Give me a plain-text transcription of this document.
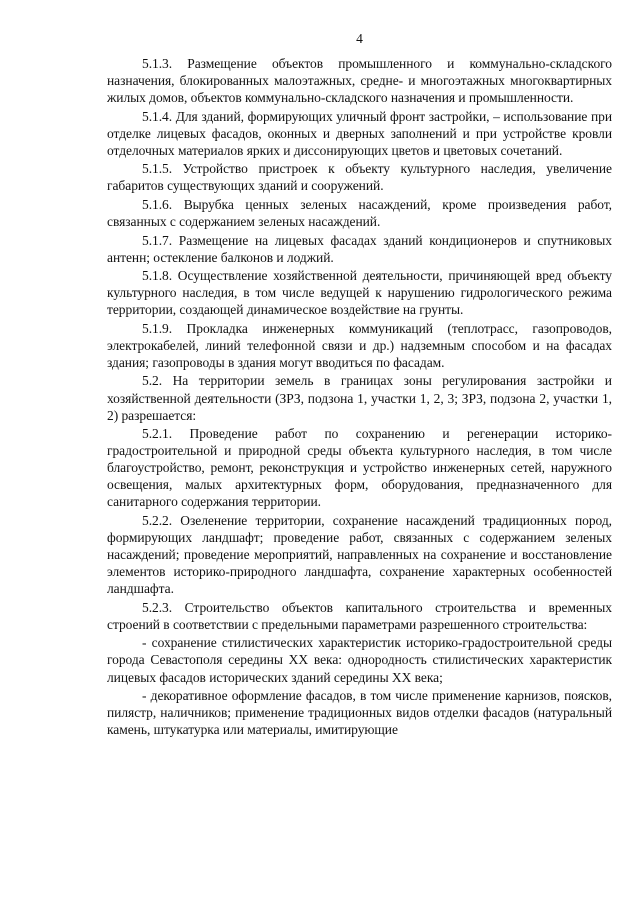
4

5.1.3. Размещение объектов промышленного и коммунально-складского назначения, блокированных малоэтажных, средне- и многоэтажных многоквартирных жилых домов, объектов коммунально-складского назначения и промышленности.

5.1.4. Для зданий, формирующих уличный фронт застройки, – использование при отделке лицевых фасадов, оконных и дверных заполнений и при устройстве кровли отделочных материалов ярких и диссонирующих цветов и цветовых сочетаний.

5.1.5. Устройство пристроек к объекту культурного наследия, увеличение габаритов существующих зданий и сооружений.

5.1.6. Вырубка ценных зеленых насаждений, кроме произведения работ, связанных с содержанием зеленых насаждений.

5.1.7. Размещение на лицевых фасадах зданий кондиционеров и спутниковых антенн; остекление балконов и лоджий.

5.1.8. Осуществление хозяйственной деятельности, причиняющей вред объекту культурного наследия, в том числе ведущей к нарушению гидрологического режима территории, создающей динамическое воздействие на грунты.

5.1.9. Прокладка инженерных коммуникаций (теплотрасс, газопроводов, электрокабелей, линий телефонной связи и др.) надземным способом и на фасадах здания; газопроводы в здания могут вводиться по фасадам.

5.2. На территории земель в границах зоны регулирования застройки и хозяйственной деятельности (ЗРЗ, подзона 1, участки 1, 2, 3; ЗРЗ, подзона 2, участки 1, 2) разрешается:

5.2.1. Проведение работ по сохранению и регенерации историко-градостроительной и природной среды объекта культурного наследия, в том числе благоустройство, ремонт, реконструкция и устройство инженерных сетей, наружного освещения, малых архитектурных форм, оборудования, предназначенного для санитарного содержания территории.

5.2.2. Озеленение территории, сохранение насаждений традиционных пород, формирующих ландшафт; проведение работ, связанных с содержанием зеленых насаждений; проведение мероприятий, направленных на сохранение и восстановление элементов историко-природного ландшафта, сохранение характерных особенностей ландшафта.

5.2.3. Строительство объектов капитального строительства и временных строений в соответствии с предельными параметрами разрешенного строительства:

- сохранение стилистических характеристик историко-градостроительной среды города Севастополя середины XX века: однородность стилистических характеристик лицевых фасадов исторических зданий середины XX века;

- декоративное оформление фасадов, в том числе применение карнизов, поясков, пилястр, наличников; применение традиционных видов отделки фасадов (натуральный камень, штукатурка или материалы, имитирующие
